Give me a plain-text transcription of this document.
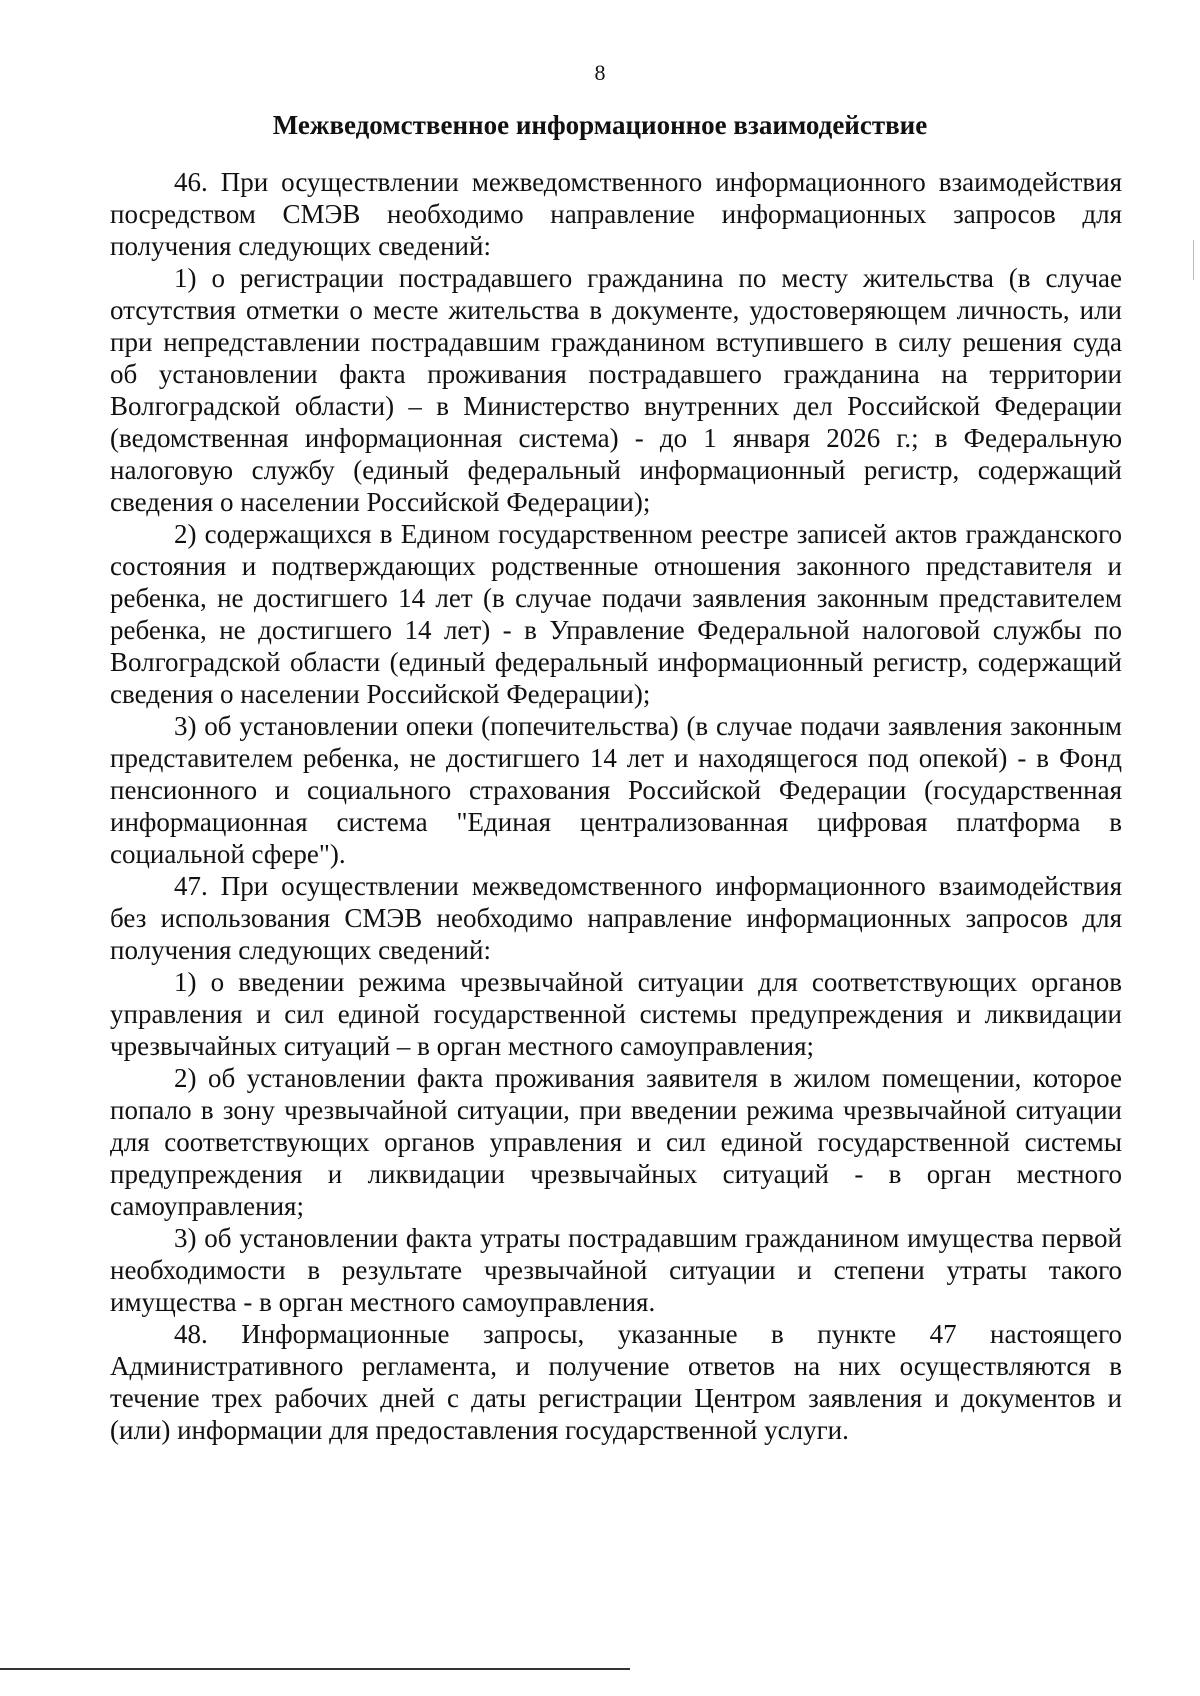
8
Межведомственное информационное взаимодействие

46. При осуществлении межведомственного информационного взаимодействия посредством СМЭВ необходимо направление информационных запросов для получения следующих сведений:

1) о регистрации пострадавшего гражданина по месту жительства (в случае отсутствия отметки о месте жительства в документе, удостоверяющем личность, или при непредставлении пострадавшим гражданином вступившего в силу решения суда об установлении факта проживания пострадавшего гражданина на территории Волгоградской области) – в Министерство внутренних дел Российской Федерации (ведомственная информационная система) - до 1 января 2026 г.; в Федеральную налоговую службу (единый федеральный информационный регистр, содержащий сведения о населении Российской Федерации);

2) содержащихся в Едином государственном реестре записей актов гражданского состояния и подтверждающих родственные отношения законного представителя и ребенка, не достигшего 14 лет (в случае подачи заявления законным представителем ребенка, не достигшего 14 лет) - в Управление Федеральной налоговой службы по Волгоградской области (единый федеральный информационный регистр, содержащий сведения о населении Российской Федерации);

3) об установлении опеки (попечительства) (в случае подачи заявления законным представителем ребенка, не достигшего 14 лет и находящегося под опекой) - в Фонд пенсионного и социального страхования Российской Федерации (государственная информационная система "Единая централизованная цифровая платформа в социальной сфере").

47. При осуществлении межведомственного информационного взаимодействия без использования СМЭВ необходимо направление информационных запросов для получения следующих сведений:

1) о введении режима чрезвычайной ситуации для соответствующих органов управления и сил единой государственной системы предупреждения и ликвидации чрезвычайных ситуаций – в орган местного самоуправления;

2) об установлении факта проживания заявителя в жилом помещении, которое попало в зону чрезвычайной ситуации, при введении режима чрезвычайной ситуации для соответствующих органов управления и сил единой государственной системы предупреждения и ликвидации чрезвычайных ситуаций - в орган местного самоуправления;

3) об установлении факта утраты пострадавшим гражданином имущества первой необходимости в результате чрезвычайной ситуации и степени утраты такого имущества - в орган местного самоуправления.

48. Информационные запросы, указанные в пункте 47 настоящего Административного регламента, и получение ответов на них осуществляются в течение трех рабочих дней с даты регистрации Центром заявления и документов и (или) информации для предоставления государственной услуги.
